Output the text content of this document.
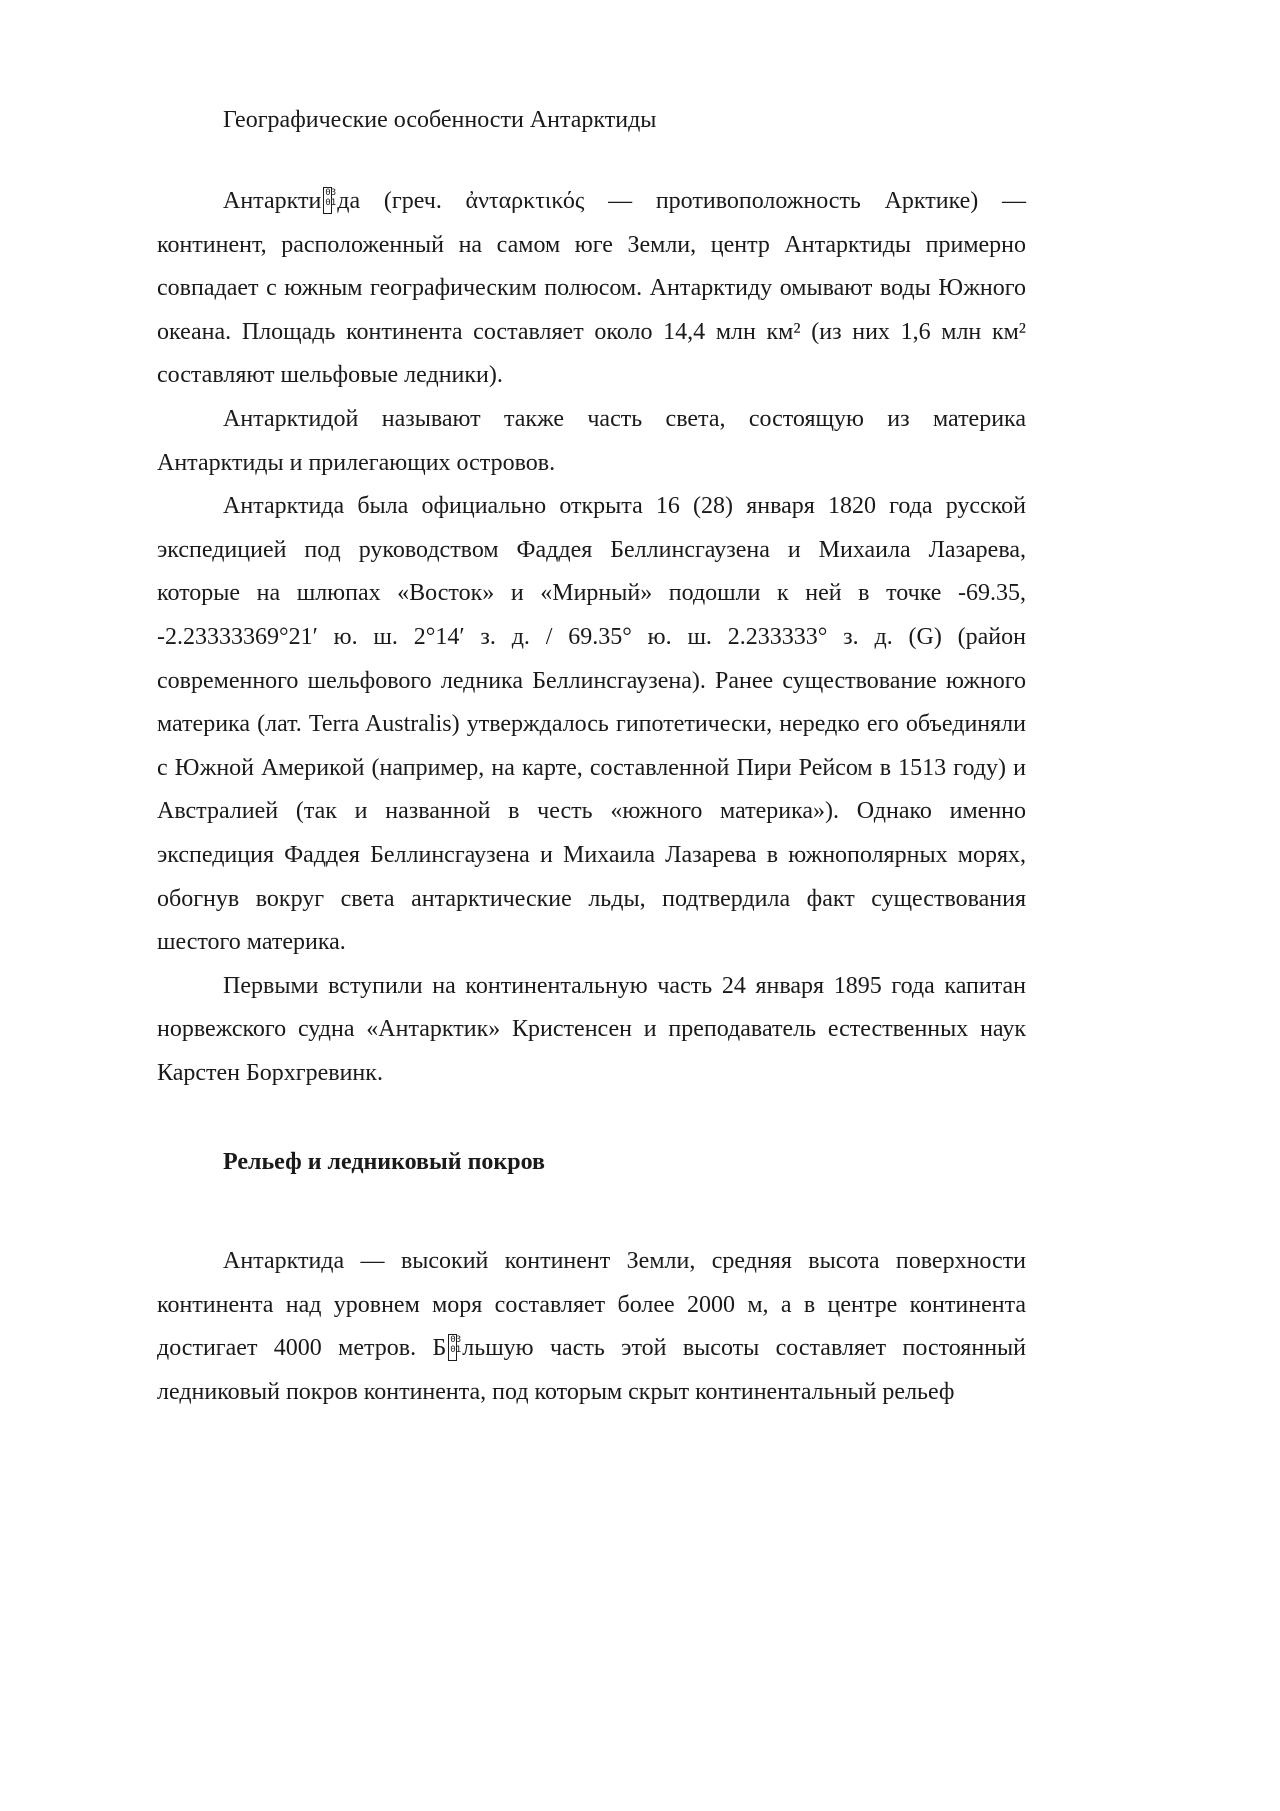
Географические особенности Антарктиды

Антаркти 03
01 да (греч. ἀνταρκτικός — противоположность Арктике) — континент, расположенный на самом юге Земли, центр Антарктиды примерно совпадает с южным географическим полюсом. Антарктиду омывают воды Южного океана. Площадь континента составляет около 14,4 млн км² (из них 1,6 млн км² составляют шельфовые ледники).

Антарктидой называют также часть света, состоящую из материка Антарктиды и прилегающих островов.

Антарктида была официально открыта 16 (28) января 1820 года русской экспедицией под руководством Фаддея Беллинсгаузена и Михаила Лазарева, которые на шлюпах «Восток» и «Мирный» подошли к ней в точке -69.35, -2.23333369°21′ ю. ш. 2°14′ з. д. / 69.35° ю. ш. 2.233333° з. д. (G) (район современного шельфового ледника Беллинсгаузена). Ранее существование южного материка (лат. Terra Australis) утверждалось гипотетически, нередко его объединяли с Южной Америкой (например, на карте, составленной Пири Рейсом в 1513 году) и Австралией (так и названной в честь «южного материка»). Однако именно экспедиция Фаддея Беллинсгаузена и Михаила Лазарева в южнополярных морях, обогнув вокруг света антарктические льды, подтвердила факт существования шестого материка.

Первыми вступили на континентальную часть 24 января 1895 года капитан норвежского судна «Антарктик» Кристенсен и преподаватель естественных наук Карстен Борхгревинк.

Рельеф и ледниковый покров

Антарктида — высокий континент Земли, средняя высота поверхности континента над уровнем моря составляет более 2000 м, а в центре континента достигает 4000 метров. Б 03
01 льшую часть этой высоты составляет постоянный ледниковый покров континента, под которым скрыт континентальный рельеф
